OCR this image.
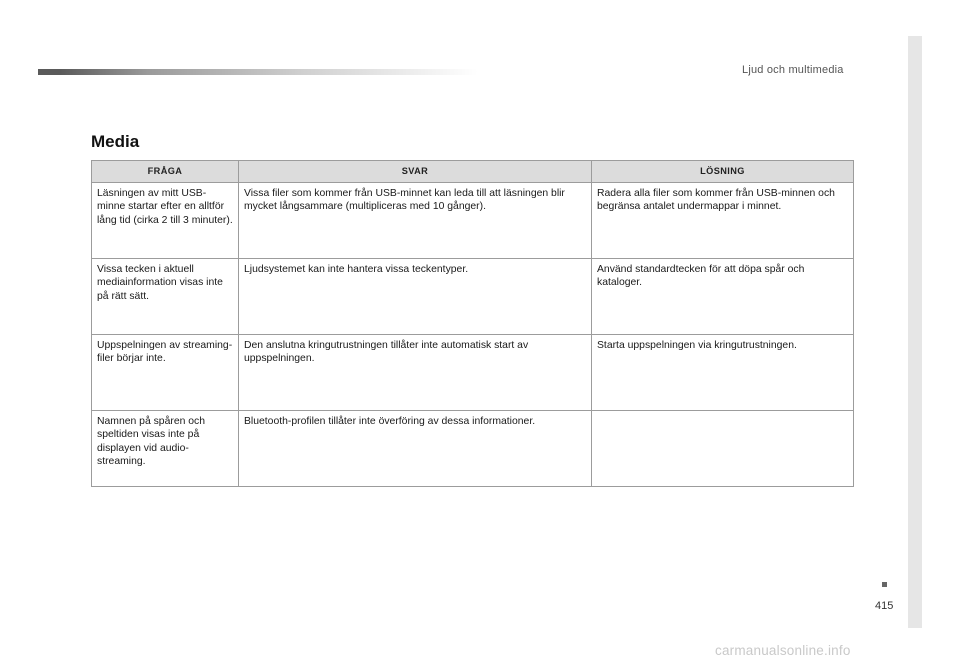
Ljud och multimedia
Media
FRÅGA	SVAR	LÖSNING
Läsningen av mitt USB-minne startar efter en alltför lång tid (cirka 2 till 3 minuter).	Vissa filer som kommer från USB-minnet kan leda till att läsningen blir mycket långsammare (multipliceras med 10 gånger).	Radera alla filer som kommer från USB-minnen och begränsa antalet undermappar i minnet.
Vissa tecken i aktuell mediainformation visas inte på rätt sätt.	Ljudsystemet kan inte hantera vissa teckentyper.	Använd standardtecken för att döpa spår och kataloger.
Uppspelningen av streaming-filer börjar inte.	Den anslutna kringutrustningen tillåter inte automatisk start av uppspelningen.	Starta uppspelningen via kringutrustningen.
Namnen på spåren och speltiden visas inte på displayen vid audio-streaming.	Bluetooth-profilen tillåter inte överföring av dessa informationer.	
415
carmanualsonline.info
